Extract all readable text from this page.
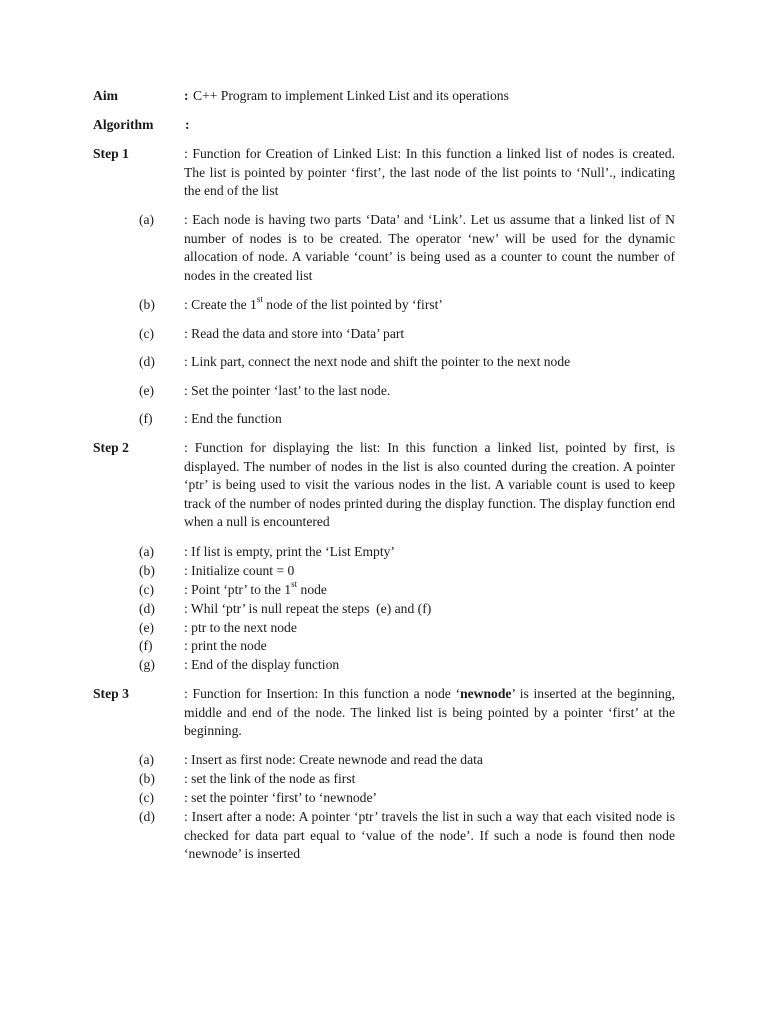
Aim	: C++ Program to implement Linked List and its operations
Algorithm :
Step 1	: Function for Creation of Linked List: In this function a linked list of nodes is created. The list is pointed by pointer ‘first’, the last node of the list points to ‘Null’., indicating the end of the list
(a) : Each node is having two parts ‘Data’ and ‘Link’. Let us assume that a linked list of N number of nodes is to be created. The operator ‘new’ will be used for the dynamic allocation of node. A variable ‘count’ is being used as a counter to count the number of nodes in the created list
(b) : Create the 1st node of the list pointed by ‘first’
(c) : Read the data and store into ‘Data’ part
(d) : Link part, connect the next node and shift the pointer to the next node
(e) : Set the pointer ‘last’ to the last node.
(f) : End the function
Step 2	: Function for displaying the list: In this function a linked list, pointed by first, is displayed. The number of nodes in the list is also counted during the creation. A pointer ‘ptr’ is being used to visit the various nodes in the list. A variable count is used to keep track of the number of nodes printed during the display function. The display function end when a null is encountered
(a) : If list is empty, print the ‘List Empty’
(b) : Initialize count = 0
(c) : Point ‘ptr’ to the 1st node
(d) : Whil ‘ptr’ is null repeat the steps  (e) and (f)
(e) : ptr to the next node
(f) : print the node
(g) : End of the display function
Step 3	: Function for Insertion: In this function a node ‘newnode’ is inserted at the beginning, middle and end of the node. The linked list is being pointed by a pointer ‘first’ at the beginning.
(a) : Insert as first node: Create newnode and read the data
(b) : set the link of the node as first
(c) : set the pointer ‘first’ to ‘newnode’
(d) : Insert after a node: A pointer ‘ptr’ travels the list in such a way that each visited node is checked for data part equal to ‘value of the node’. If such a node is found then node ‘newnode’ is inserted
